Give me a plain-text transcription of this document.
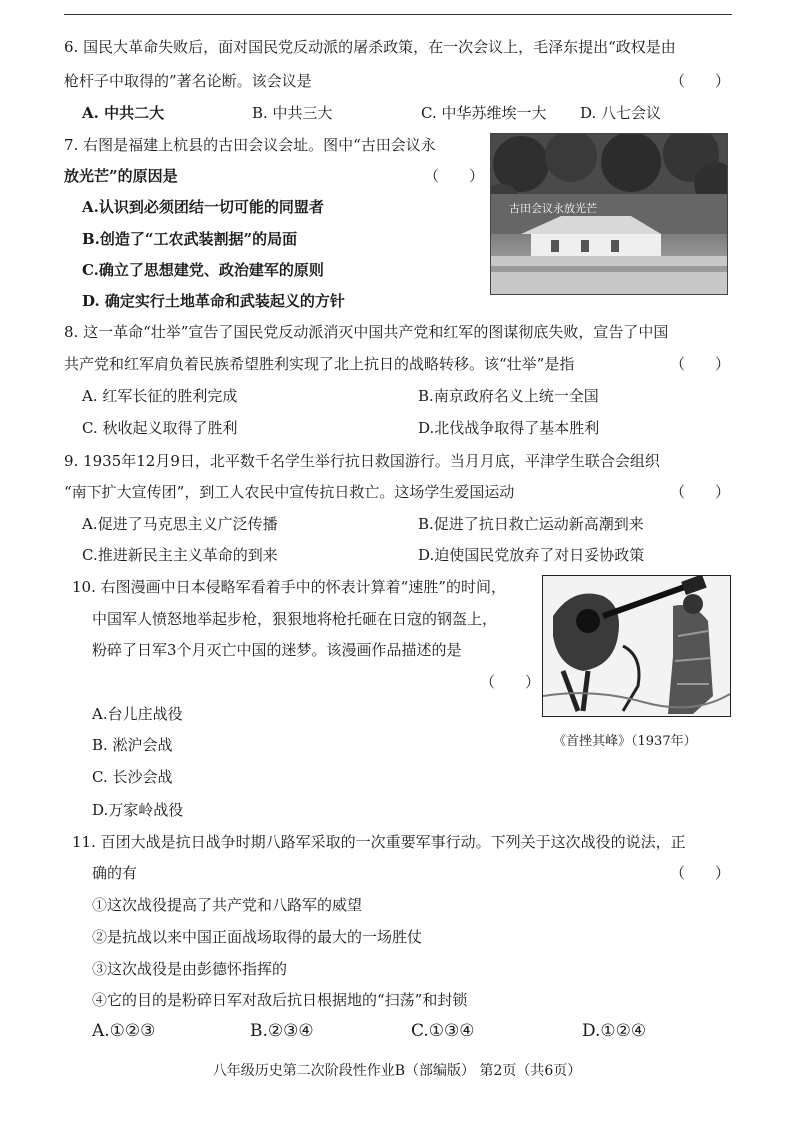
6. 国民大革命失败后，面对国民党反动派的屠杀政策，在一次会议上，毛泽东提出“政权是由
枪杆子中取得的”著名论断。该会议是	（　　）
A. 中共二大	B. 中共三大	C. 中华苏维埃一大 D. 八七会议
7. 右图是福建上杭县的古田会议会址。图中“古田会议永
放光芒”的原因是	（　　）
A.认识到必须团结一切可能的同盟者
B.创造了“工农武装割据”的局面
C.确立了思想建党、政治建军的原则
D. 确定实行土地革命和武装起义的方针
古田会议永放光芒
8. 这一革命“壮举”宣告了国民党反动派消灭中国共产党和红军的图谋彻底失败，宣告了中国
共产党和红军肩负着民族希望胜利实现了北上抗日的战略转移。该“壮举”是指	（　　）
A. 红军长征的胜利完成	B.南京政府名义上统一全国
C. 秋收起义取得了胜利	D.北伐战争取得了基本胜利
9. 1935年12月9日，北平数千名学生举行抗日救国游行。当月月底，平津学生联合会组织
“南下扩大宣传团”，到工人农民中宣传抗日救亡。这场学生爱国运动	（　　）
A.促进了马克思主义广泛传播	B.促进了抗日救亡运动新高潮到来
C.推进新民主主义革命的到来	D.迫使国民党放弃了对日妥协政策
10. 右图漫画中日本侵略军看着手中的怀表计算着“速胜”的时间，
中国军人愤怒地举起步枪，狠狠地将枪托砸在日寇的钢盔上，
粉碎了日军3个月灭亡中国的迷梦。该漫画作品描述的是
（　　）
A.台儿庄战役
B. 淞沪会战
C. 长沙会战
D.万家岭战役
《首挫其峰》（1937年）
11. 百团大战是抗日战争时期八路军采取的一次重要军事行动。下列关于这次战役的说法，正
确的有	（　　）
①这次战役提高了共产党和八路军的威望
②是抗战以来中国正面战场取得的最大的一场胜仗
③这次战役是由彭德怀指挥的
④它的目的是粉碎日军对敌后抗日根据地的“扫荡”和封锁
A.①②③	B.②③④	C.①③④	D.①②④
八年级历史第二次阶段性作业B（部编版） 第2页（共6页）
